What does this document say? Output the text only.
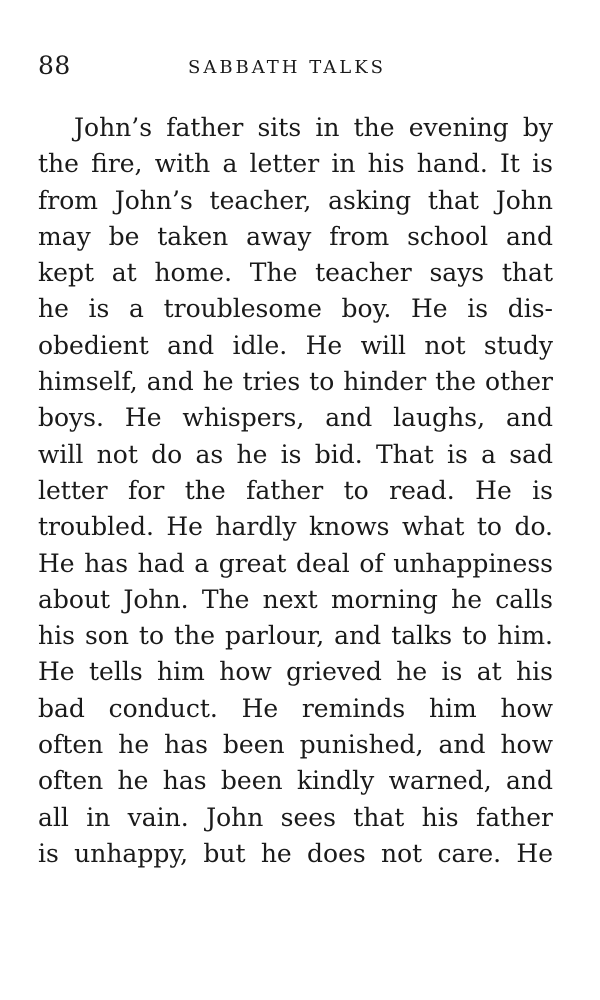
88	SABBATH TALKS
John’s father sits in the evening by
the fire, with a letter in his hand. It is
from John’s teacher, asking that John
may be taken away from school and
kept at home. The teacher says that
he is a troublesome boy. He is dis-
obedient and idle. He will not study
himself, and he tries to hinder the other
boys. He whispers, and laughs, and
will not do as he is bid. That is a sad
letter for the father to read. He is
troubled. He hardly knows what to do.
He has had a great deal of unhappiness
about John. The next morning he calls
his son to the parlour, and talks to him.
He tells him how grieved he is at his
bad conduct. He reminds him how
often he has been punished, and how
often he has been kindly warned, and
all in vain. John sees that his father
is unhappy, but he does not care. He
